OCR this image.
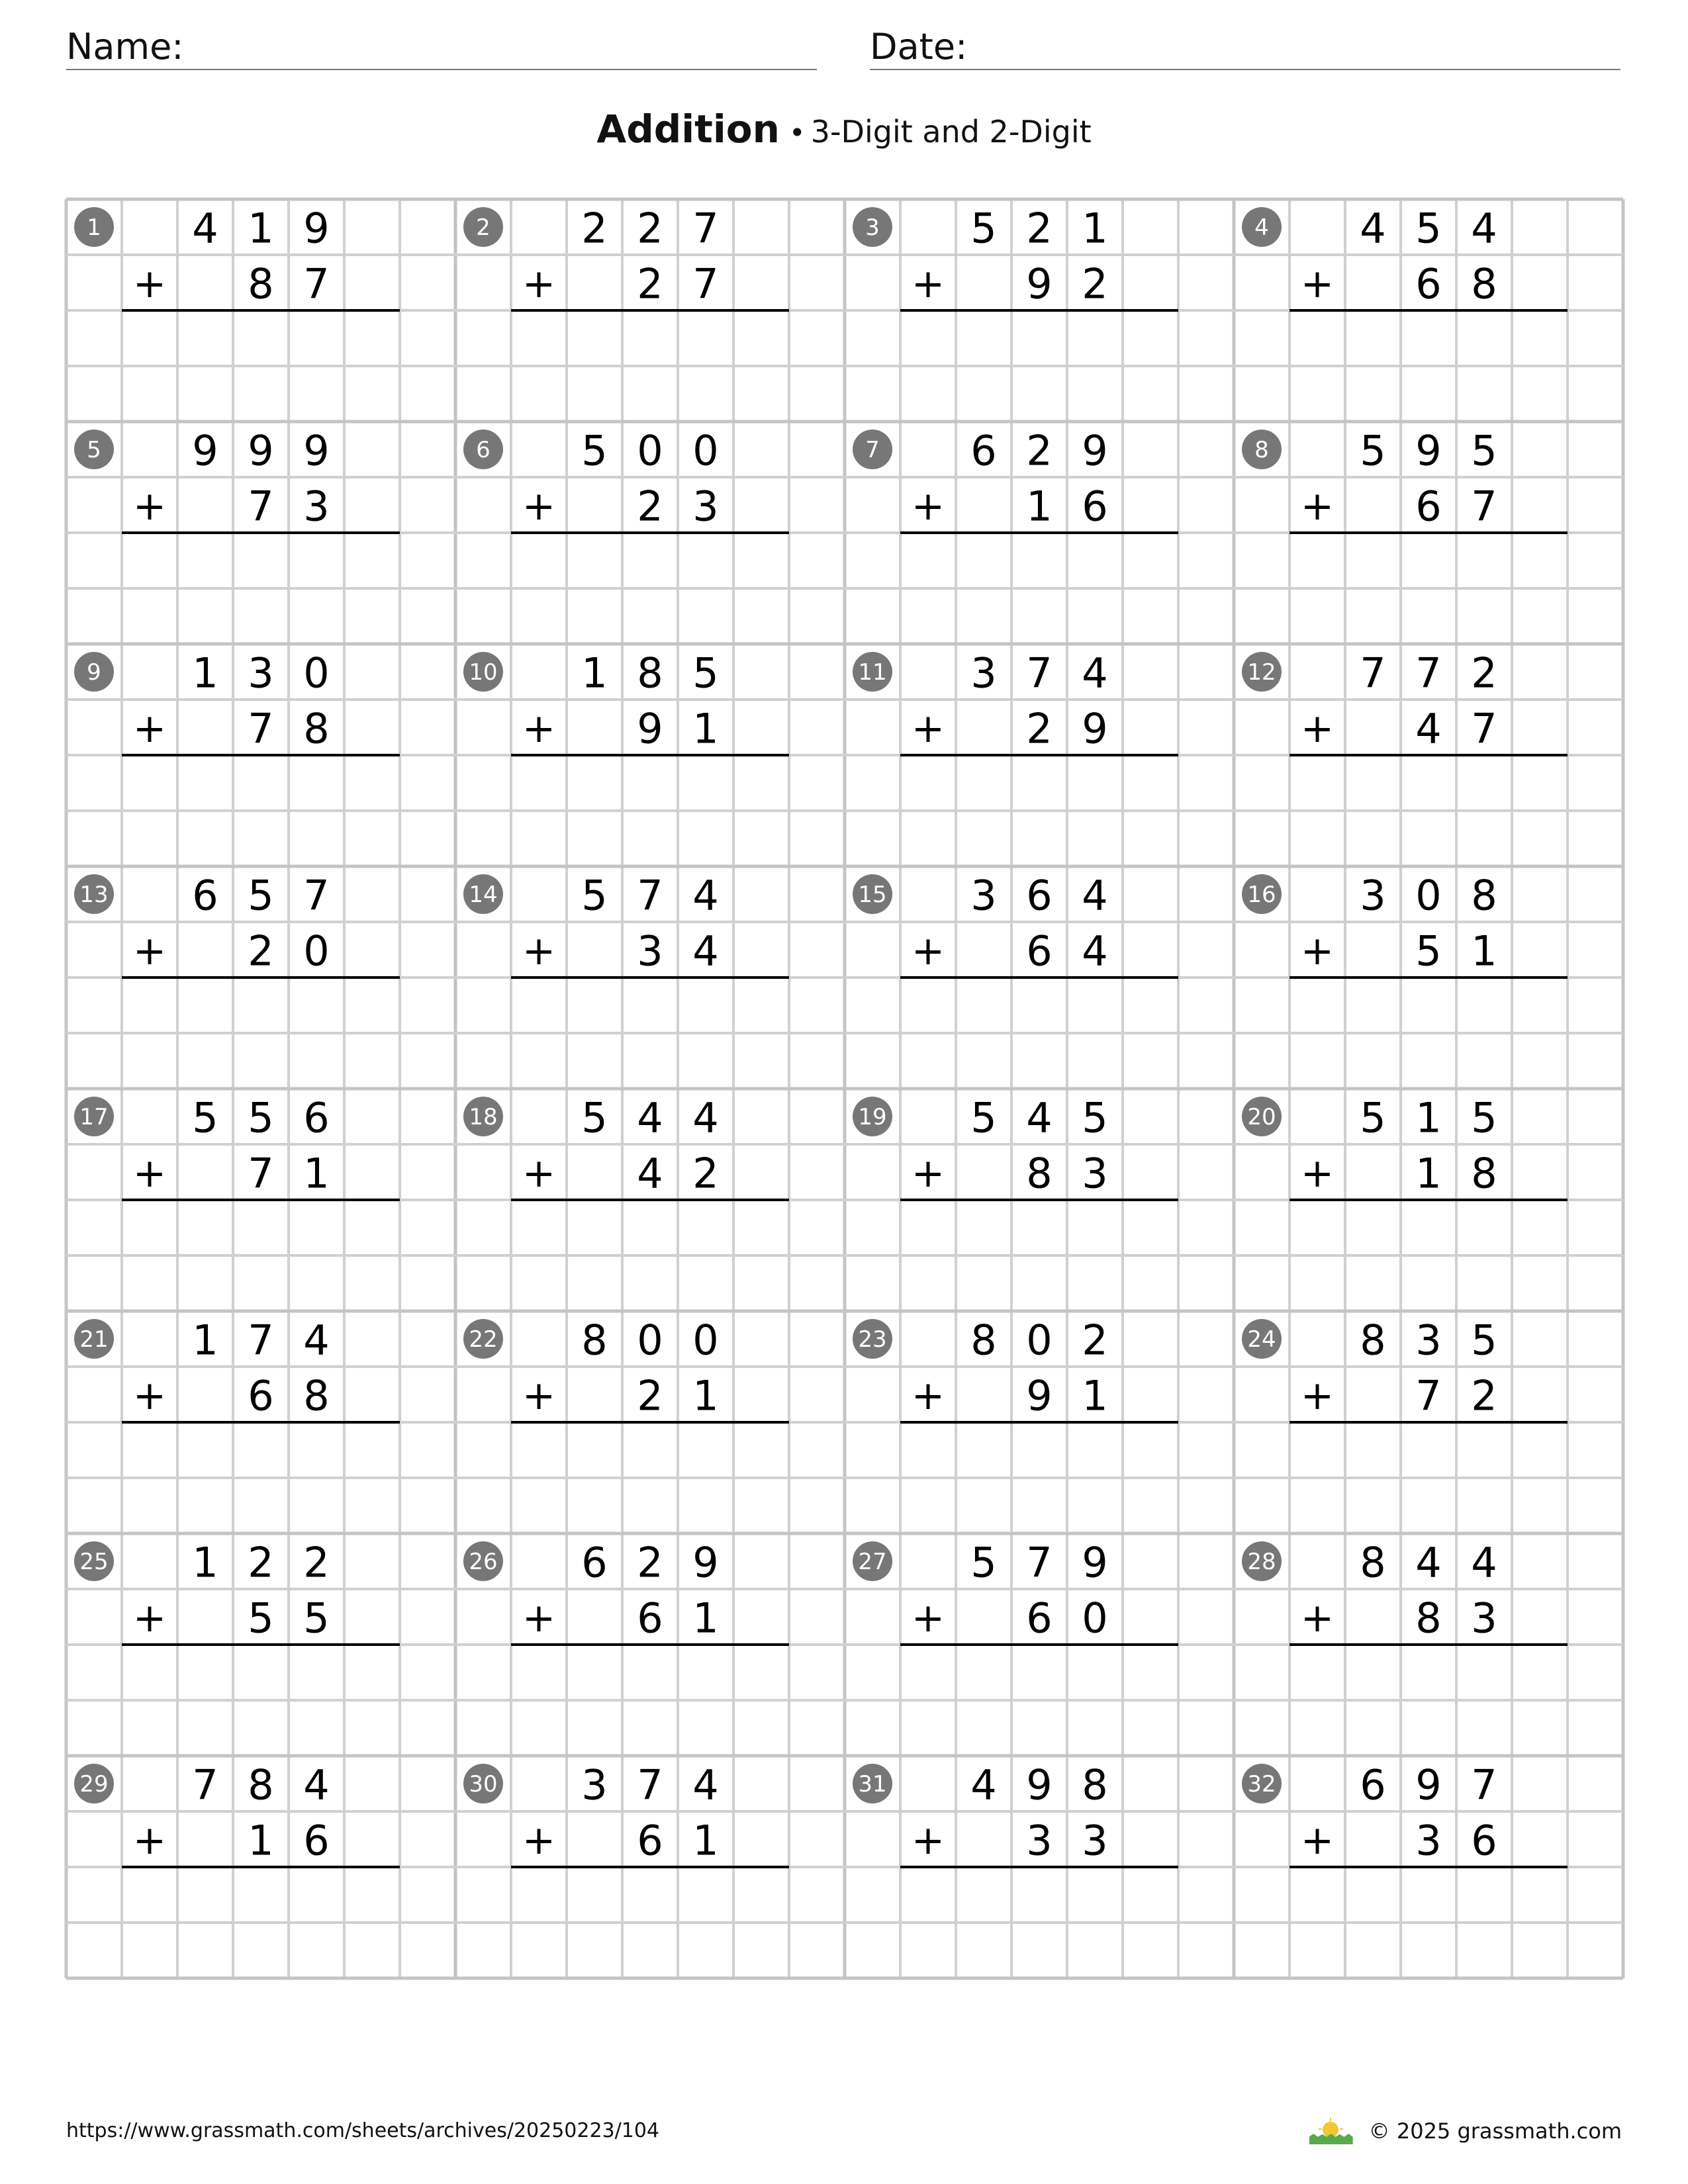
Name:	Date:
Addition • 3-Digit and 2-Digit
1 4 1 9
+ 8 7
2 2 2 7
+ 2 7
3 5 2 1
+ 9 2
4 4 5 4
+ 6 8
5 9 9 9
+ 7 3
6 5 0 0
+ 2 3
7 6 2 9
+ 1 6
8 5 9 5
+ 6 7
9 1 3 0
+ 7 8
10 1 8 5
+ 9 1
11 3 7 4
+ 2 9
12 7 7 2
+ 4 7
13 6 5 7
+ 2 0
14 5 7 4
+ 3 4
15 3 6 4
+ 6 4
16 3 0 8
+ 5 1
17 5 5 6
+ 7 1
18 5 4 4
+ 4 2
19 5 4 5
+ 8 3
20 5 1 5
+ 1 8
21 1 7 4
+ 6 8
22 8 0 0
+ 2 1
23 8 0 2
+ 9 1
24 8 3 5
+ 7 2
25 1 2 2
+ 5 5
26 6 2 9
+ 6 1
27 5 7 9
+ 6 0
28 8 4 4
+ 8 3
29 7 8 4
+ 1 6
30 3 7 4
+ 6 1
31 4 9 8
+ 3 3
32 6 9 7
+ 3 6
https://www.grassmath.com/sheets/archives/20250223/104	© 2025 grassmath.com
